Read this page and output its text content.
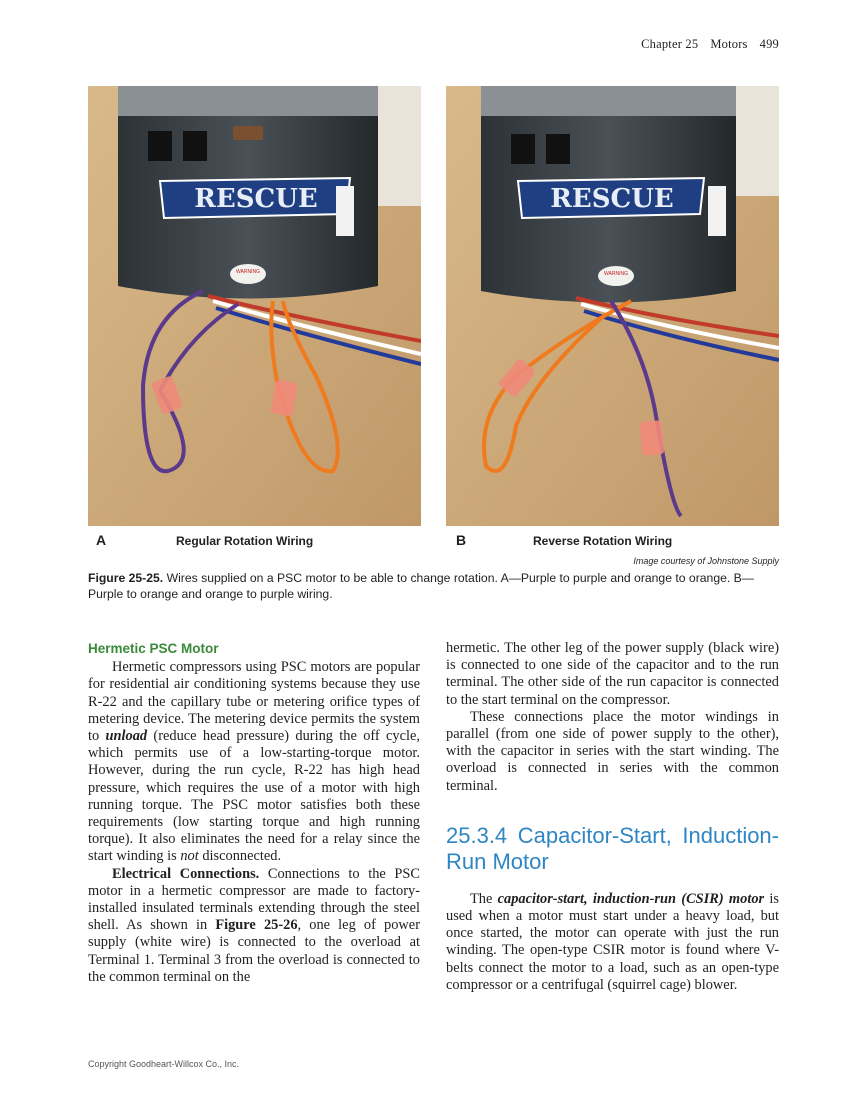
Chapter 25 Motors 499
RESCUE
WARNING
RESCUE
WARNING
A	Regular Rotation Wiring	B	Reverse Rotation Wiring
Image courtesy of Johnstone Supply
Figure 25-25. Wires supplied on a PSC motor to be able to change rotation. A—Purple to purple and orange to orange. B—Purple to orange and orange to purple wiring.
Hermetic PSC Motor

Hermetic compressors using PSC motors are popular for residential air conditioning systems because they use R-22 and the capillary tube or metering orifice types of metering device. The metering device permits the system to unload (reduce head pressure) during the off cycle, which permits use of a low-starting-torque motor. However, during the run cycle, R-22 has high head pressure, which requires the use of a motor with high running torque. The PSC motor satisfies both these requirements (low starting torque and high running torque). It also eliminates the need for a relay since the start winding is not disconnected.

Electrical Connections. Connections to the PSC motor in a hermetic compressor are made to factory-installed insulated terminals extending through the steel shell. As shown in Figure 25-26, one leg of power supply (white wire) is connected to the overload at Terminal 1. Terminal 3 from the overload is connected to the common terminal on the

hermetic. The other leg of the power supply (black wire) is connected to one side of the capacitor and to the run terminal. The other side of the run capacitor is connected to the start terminal on the compressor.

These connections place the motor windings in parallel (from one side of power supply to the other), with the capacitor in series with the start winding. The overload is connected in series with the common terminal.

25.3.4 Capacitor-Start, Induction-Run Motor

The capacitor-start, induction-run (CSIR) motor is used when a motor must start under a heavy load, but once started, the motor can operate with just the run winding. The open-type CSIR motor is found where V-belts connect the motor to a load, such as an open-type compressor or a centrifugal (squirrel cage) blower.

Copyright Goodheart-Willcox Co., Inc.
